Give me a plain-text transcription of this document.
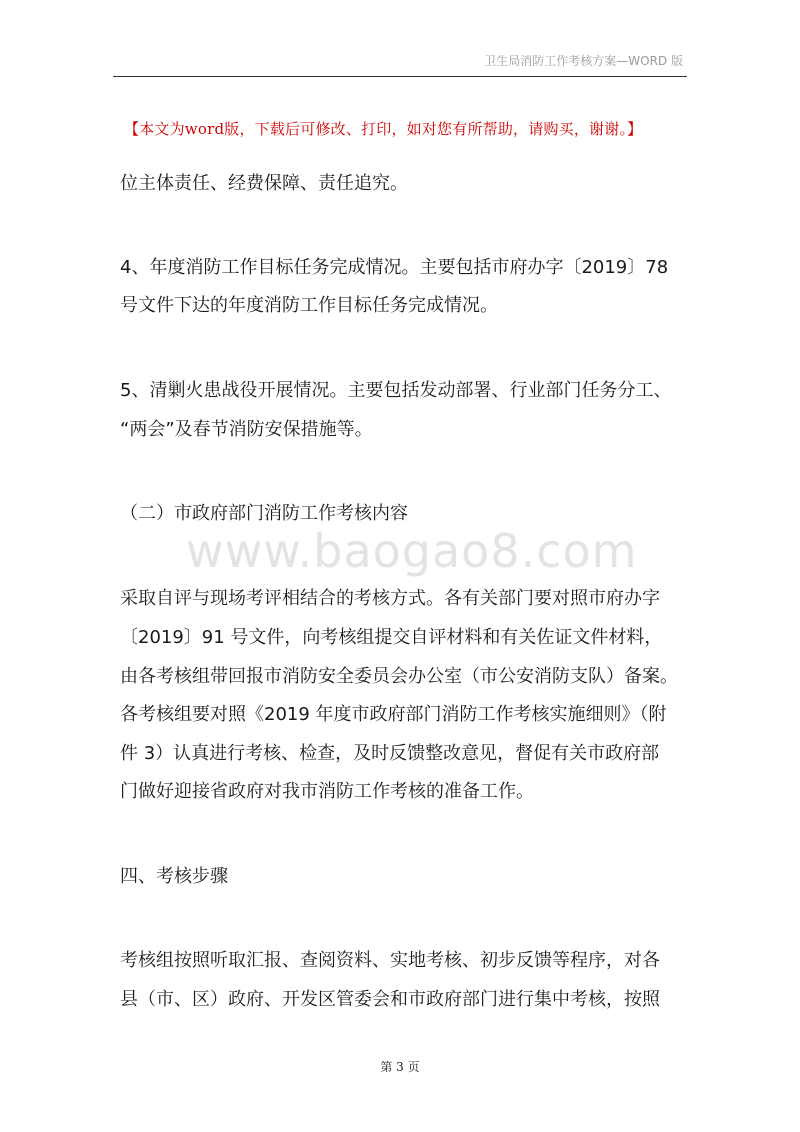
卫生局消防工作考核方案—WORD 版
【本文为word版，下载后可修改、打印，如对您有所帮助，请购买，谢谢。】
位主体责任、经费保障、责任追究。
4、年度消防工作目标任务完成情况。主要包括市府办字〔2019〕78
号文件下达的年度消防工作目标任务完成情况。
5、清剿火患战役开展情况。主要包括发动部署、行业部门任务分工、
“两会”及春节消防安保措施等。
（二）市政府部门消防工作考核内容
采取自评与现场考评相结合的考核方式。各有关部门要对照市府办字
〔2019〕91 号文件，向考核组提交自评材料和有关佐证文件材料，
由各考核组带回报市消防安全委员会办公室（市公安消防支队）备案。
各考核组要对照《2019 年度市政府部门消防工作考核实施细则》（附
件 3）认真进行考核、检查，及时反馈整改意见，督促有关市政府部
门做好迎接省政府对我市消防工作考核的准备工作。
四、考核步骤
考核组按照听取汇报、查阅资料、实地考核、初步反馈等程序，对各
县（市、区）政府、开发区管委会和市政府部门进行集中考核，按照
www.baogao8.com
第 3 页
